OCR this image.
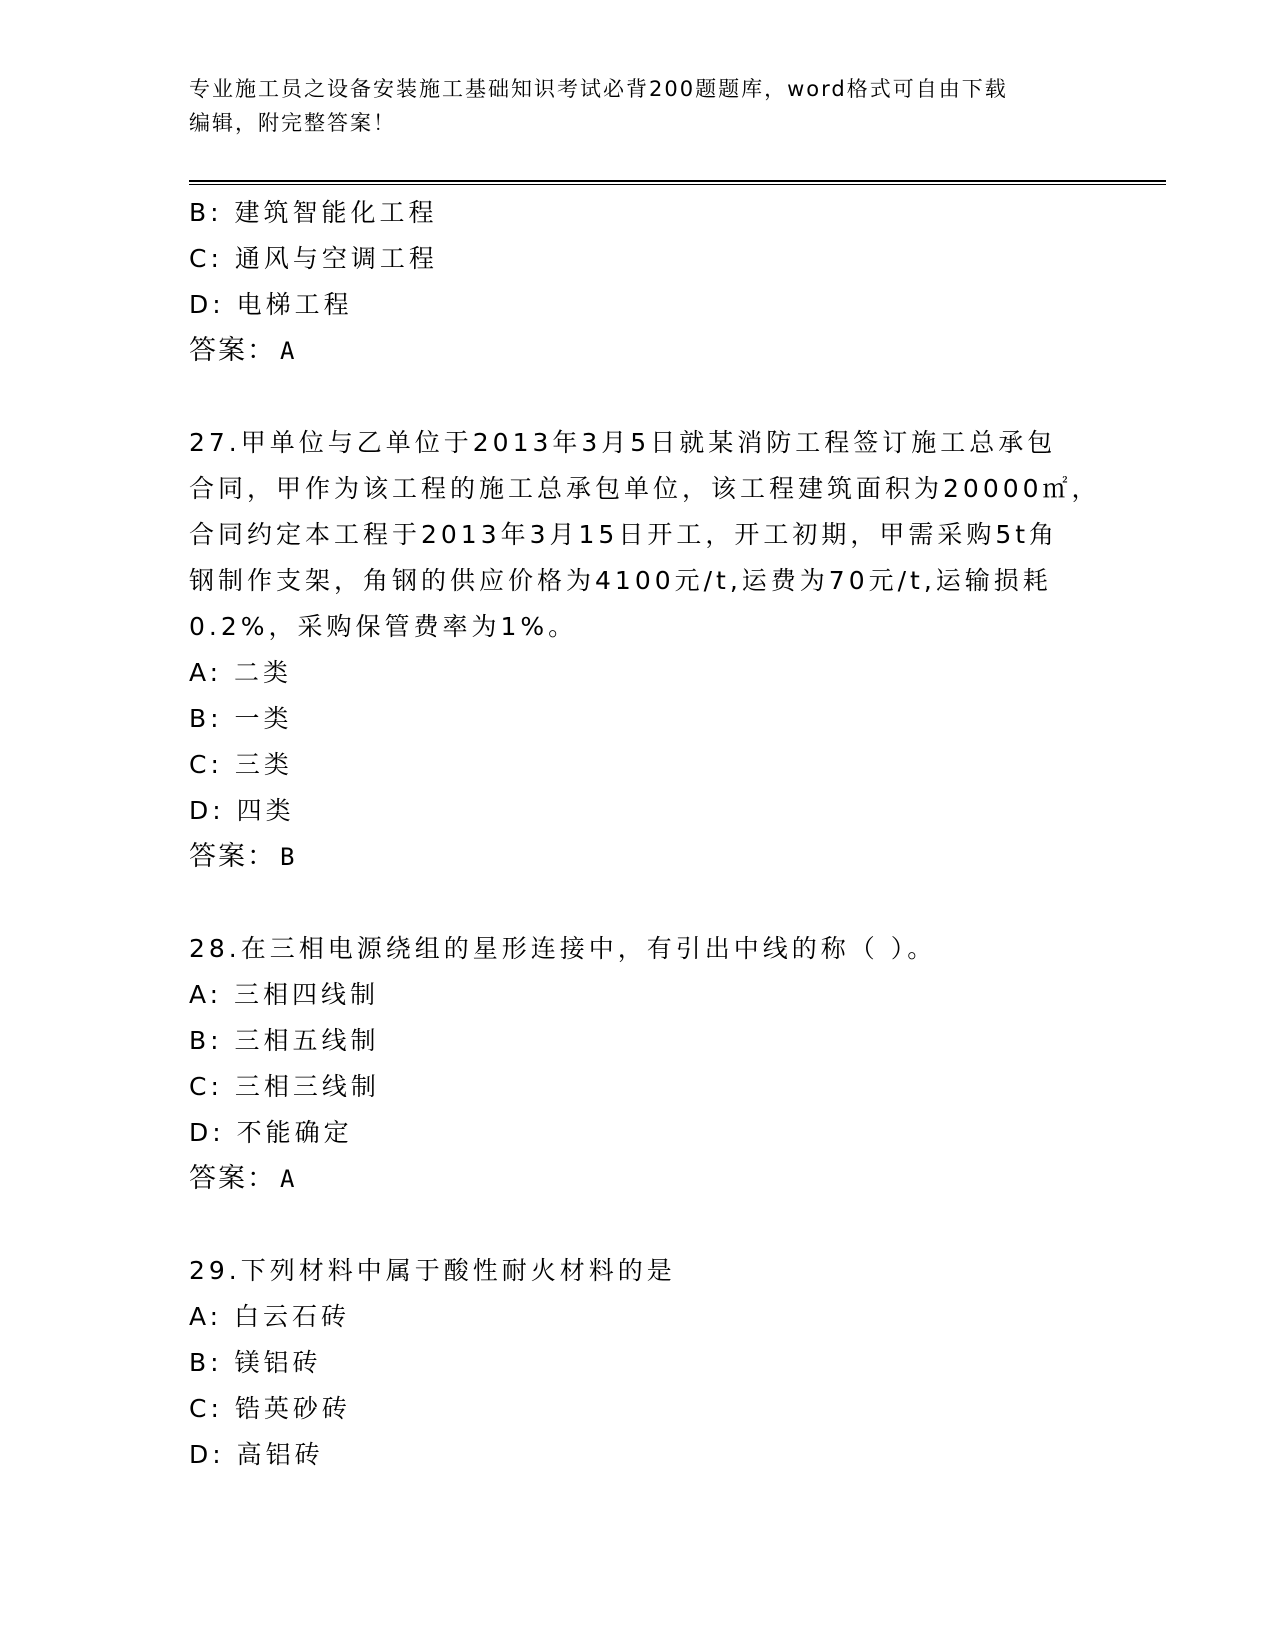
专业施工员之设备安装施工基础知识考试必背200题题库，word格式可自由下载
编辑，附完整答案！
B: 建筑智能化工程
C: 通风与空调工程
D: 电梯工程
答案： A
27.甲单位与乙单位于2013年3月5日就某消防工程签订施工总承包
合同，甲作为该工程的施工总承包单位，该工程建筑面积为20000㎡，
合同约定本工程于2013年3月15日开工，开工初期，甲需采购5t角
钢制作支架，角钢的供应价格为4100元/t,运费为70元/t,运输损耗
0.2%，采购保管费率为1%。
A: 二类
B: 一类
C: 三类
D: 四类
答案： B
28.在三相电源绕组的星形连接中，有引出中线的称（ ）。
A: 三相四线制
B: 三相五线制
C: 三相三线制
D: 不能确定
答案： A
29.下列材料中属于酸性耐火材料的是
A: 白云石砖
B: 镁铝砖
C: 锆英砂砖
D: 高铝砖
